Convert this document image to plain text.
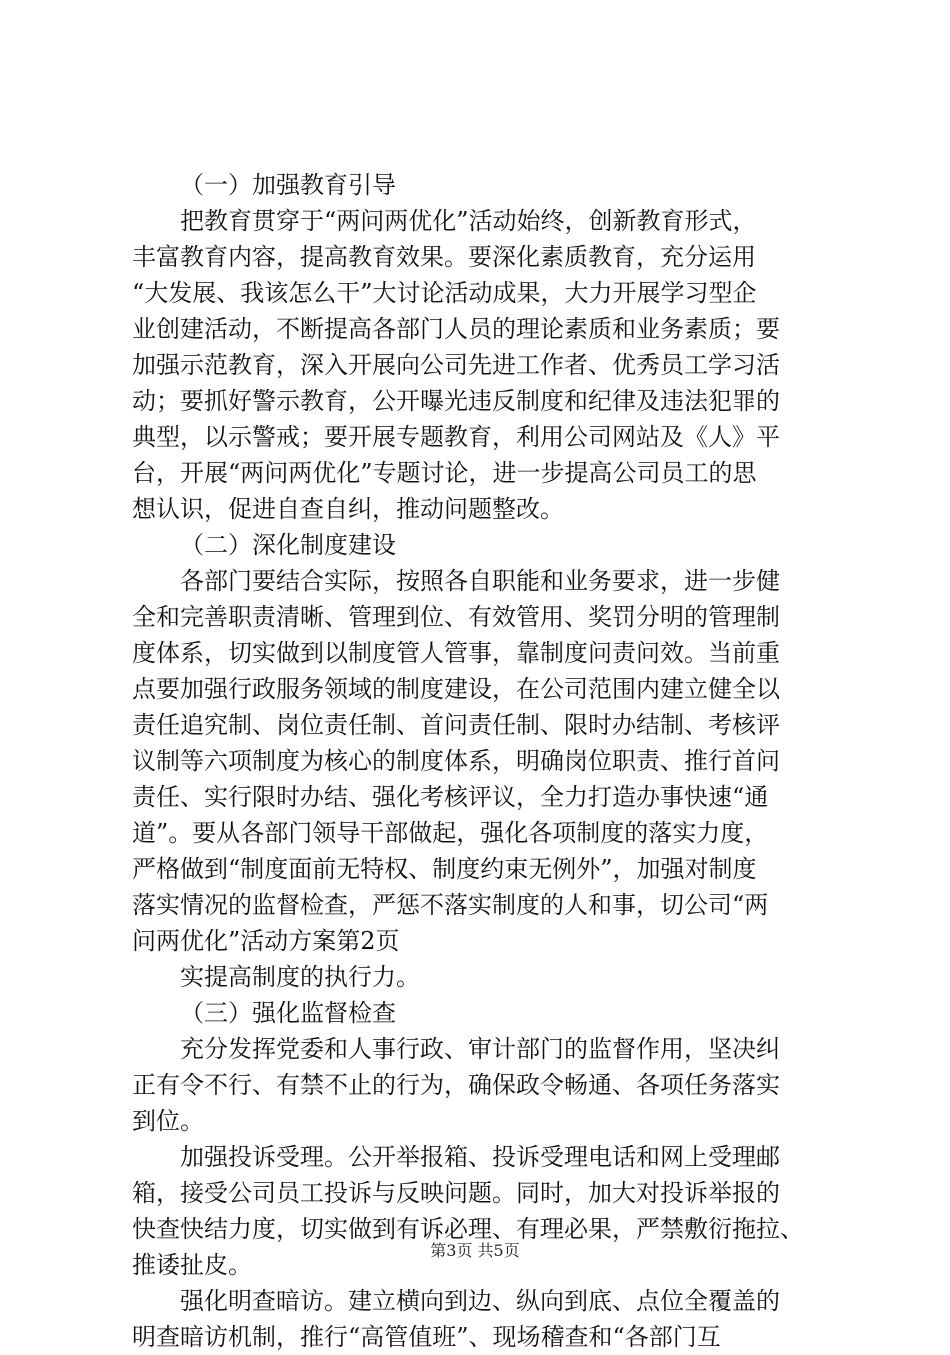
（一）加强教育引导
把教育贯穿于“两问两优化”活动始终，创新教育形式，
丰富教育内容，提高教育效果。要深化素质教育，充分运用
“大发展、我该怎么干”大讨论活动成果，大力开展学习型企
业创建活动，不断提高各部门人员的理论素质和业务素质；要
加强示范教育，深入开展向公司先进工作者、优秀员工学习活
动；要抓好警示教育，公开曝光违反制度和纪律及违法犯罪的
典型，以示警戒；要开展专题教育，利用公司网站及《人》平
台，开展“两问两优化”专题讨论，进一步提高公司员工的思
想认识，促进自查自纠，推动问题整改。
（二）深化制度建设
各部门要结合实际，按照各自职能和业务要求，进一步健
全和完善职责清晰、管理到位、有效管用、奖罚分明的管理制
度体系，切实做到以制度管人管事，靠制度问责问效。当前重
点要加强行政服务领域的制度建设，在公司范围内建立健全以
责任追究制、岗位责任制、首问责任制、限时办结制、考核评
议制等六项制度为核心的制度体系，明确岗位职责、推行首问
责任、实行限时办结、强化考核评议，全力打造办事快速“通
道”。要从各部门领导干部做起，强化各项制度的落实力度，
严格做到“制度面前无特权、制度约束无例外”，加强对制度
落实情况的监督检查，严惩不落实制度的人和事，切公司“两
问两优化”活动方案第2页
实提高制度的执行力。
（三）强化监督检查
充分发挥党委和人事行政、审计部门的监督作用，坚决纠
正有令不行、有禁不止的行为，确保政令畅通、各项任务落实
到位。
加强投诉受理。公开举报箱、投诉受理电话和网上受理邮
箱，接受公司员工投诉与反映问题。同时，加大对投诉举报的
快查快结力度，切实做到有诉必理、有理必果，严禁敷衍拖拉、
推诿扯皮。
强化明查暗访。建立横向到边、纵向到底、点位全覆盖的
明查暗访机制，推行“高管值班”、现场稽查和“各部门互
第3页 共5页
